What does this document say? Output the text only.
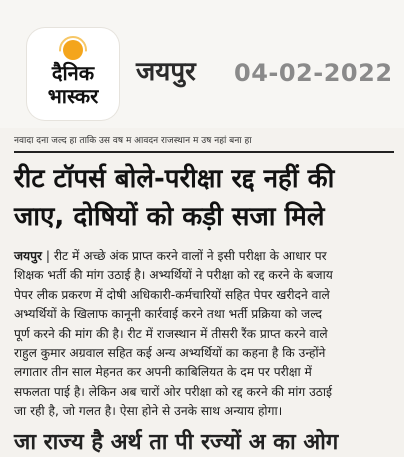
दैनिक
भास्कर
जयपुर 04-02-2022
नवादा दना जल्द हा ताकि उस वष म आवदन राजस्थान म उष नहां बना हा
रीट टॉपर्स बोले-परीक्षा रद्द नहीं की
जाए, दोषियों को कड़ी सजा मिले
जयपुर | रीट में अच्छे अंक प्राप्त करने वालों ने इसी परीक्षा के आधार पर
शिक्षक भर्ती की मांग उठाई है। अभ्यर्थियों ने परीक्षा को रद्द करने के बजाय
पेपर लीक प्रकरण में दोषी अधिकारी-कर्मचारियों सहित पेपर खरीदने वाले
अभ्यर्थियों के खिलाफ कानूनी कार्रवाई करने तथा भर्ती प्रक्रिया को जल्द
पूर्ण करने की मांग की है। रीट में राजस्थान में तीसरी रैंक प्राप्त करने वाले
राहुल कुमार अग्रवाल सहित कई अन्य अभ्यर्थियों का कहना है कि उन्होंने
लगातार तीन साल मेहनत कर अपनी काबिलियत के दम पर परीक्षा में
सफलता पाई है। लेकिन अब चारों ओर परीक्षा को रद्द करने की मांग उठाई
जा रही है, जो गलत है। ऐसा होने से उनके साथ अन्याय होगा।
जा राज्य है अर्थ ता पी रज्यों अ का ओग
